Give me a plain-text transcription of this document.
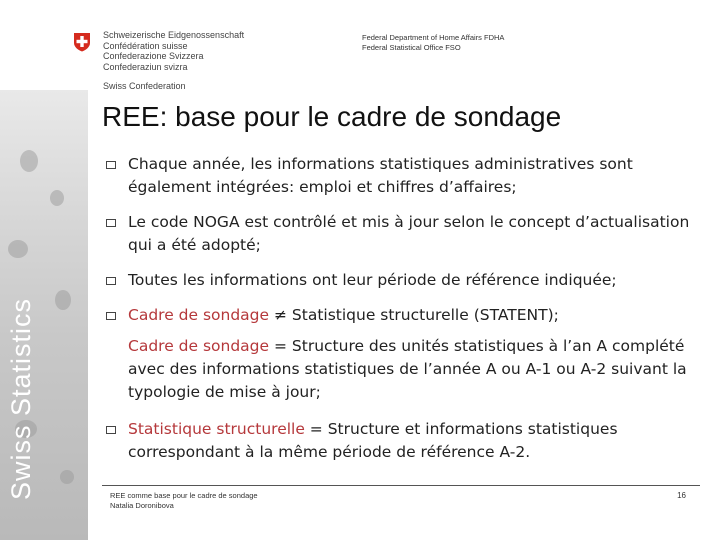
Swiss Statistics
Schweizerische Eidgenossenschaft
Confédération suisse
Confederazione Svizzera
Confederaziun svizra
Swiss Confederation
Federal Department of Home Affairs FDHA
Federal Statistical Office FSO
REE: base pour le cadre de sondage
Chaque année, les informations statistiques administratives sont également intégrées: emploi et chiffres d’affaires;
Le code NOGA est contrôlé et mis à jour selon le concept d’actualisation qui a été adopté;
Toutes les informations ont leur période de référence indiquée;
Cadre de sondage ≠ Statistique structurelle (STATENT);
Cadre de sondage = Structure des unités statistiques à l’an A complété avec des informations statistiques de l’année A ou A-1 ou A-2 suivant la typologie de mise à jour;
Statistique structurelle = Structure et informations statistiques correspondant à la même période de référence A-2.
REE comme base pour le cadre de sondage
Natalia Doronibova
16
